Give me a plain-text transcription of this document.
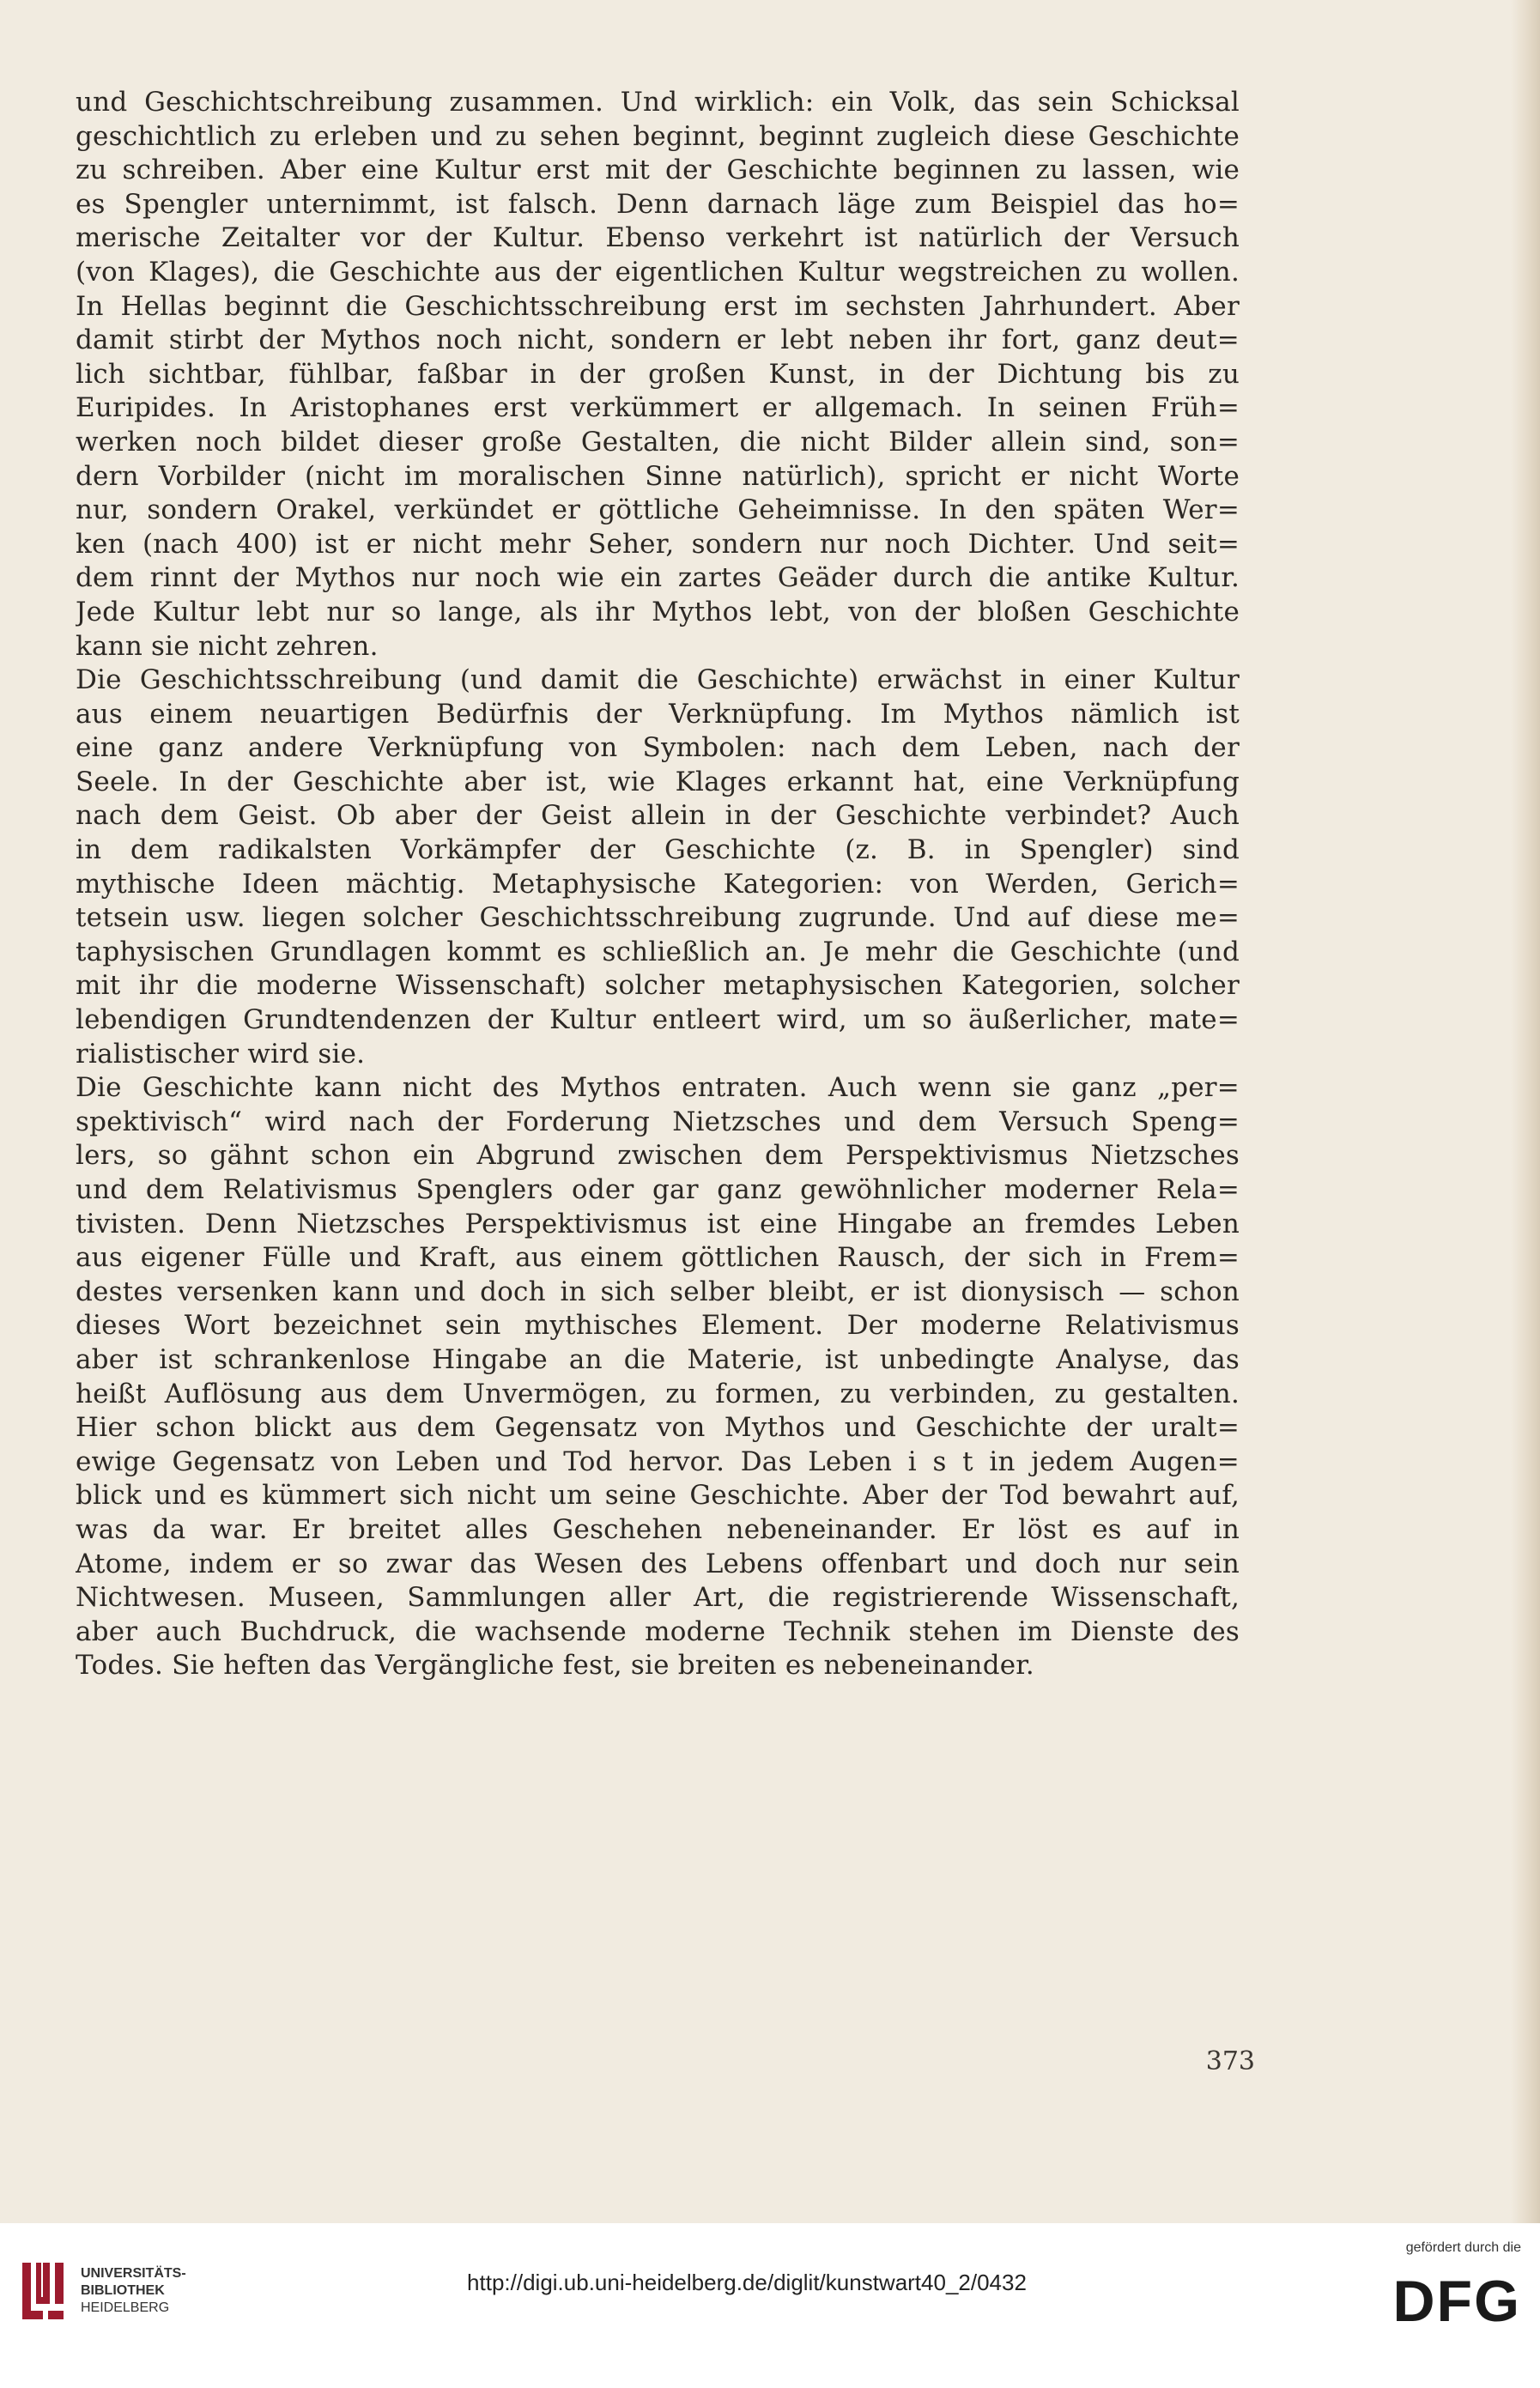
und Geschichtschreibung zusammen. Und wirklich: ein Volk, das sein Schicksal
geschichtlich zu erleben und zu sehen beginnt, beginnt zugleich diese Geschichte
zu schreiben. Aber eine Kultur erst mit der Geschichte beginnen zu lassen, wie
es Spengler unternimmt, ist falsch. Denn darnach läge zum Beispiel das ho=
merische Zeitalter vor der Kultur. Ebenso verkehrt ist natürlich der Versuch
(von Klages), die Geschichte aus der eigentlichen Kultur wegstreichen zu wollen.
In Hellas beginnt die Geschichtsschreibung erst im sechsten Jahrhundert. Aber
damit stirbt der Mythos noch nicht, sondern er lebt neben ihr fort, ganz deut=
lich sichtbar, fühlbar, faßbar in der großen Kunst, in der Dichtung bis zu
Euripides. In Aristophanes erst verkümmert er allgemach. In seinen Früh=
werken noch bildet dieser große Gestalten, die nicht Bilder allein sind, son=
dern Vorbilder (nicht im moralischen Sinne natürlich), spricht er nicht Worte
nur, sondern Orakel, verkündet er göttliche Geheimnisse. In den späten Wer=
ken (nach 400) ist er nicht mehr Seher, sondern nur noch Dichter. Und seit=
dem rinnt der Mythos nur noch wie ein zartes Geäder durch die antike Kultur.
Jede Kultur lebt nur so lange, als ihr Mythos lebt, von der bloßen Geschichte
kann sie nicht zehren.
Die Geschichtsschreibung (und damit die Geschichte) erwächst in einer Kultur
aus einem neuartigen Bedürfnis der Verknüpfung. Im Mythos nämlich ist
eine ganz andere Verknüpfung von Symbolen: nach dem Leben, nach der
Seele. In der Geschichte aber ist, wie Klages erkannt hat, eine Verknüpfung
nach dem Geist. Ob aber der Geist allein in der Geschichte verbindet? Auch
in dem radikalsten Vorkämpfer der Geschichte (z. B. in Spengler) sind
mythische Ideen mächtig. Metaphysische Kategorien: von Werden, Gerich=
tetsein usw. liegen solcher Geschichtsschreibung zugrunde. Und auf diese me=
taphysischen Grundlagen kommt es schließlich an. Je mehr die Geschichte (und
mit ihr die moderne Wissenschaft) solcher metaphysischen Kategorien, solcher
lebendigen Grundtendenzen der Kultur entleert wird, um so äußerlicher, mate=
rialistischer wird sie.
Die Geschichte kann nicht des Mythos entraten. Auch wenn sie ganz „per=
spektivisch“ wird nach der Forderung Nietzsches und dem Versuch Speng=
lers, so gähnt schon ein Abgrund zwischen dem Perspektivismus Nietzsches
und dem Relativismus Spenglers oder gar ganz gewöhnlicher moderner Rela=
tivisten. Denn Nietzsches Perspektivismus ist eine Hingabe an fremdes Leben
aus eigener Fülle und Kraft, aus einem göttlichen Rausch, der sich in Frem=
destes versenken kann und doch in sich selber bleibt, er ist dionysisch — schon
dieses Wort bezeichnet sein mythisches Element. Der moderne Relativismus
aber ist schrankenlose Hingabe an die Materie, ist unbedingte Analyse, das
heißt Auflösung aus dem Unvermögen, zu formen, zu verbinden, zu gestalten.
Hier schon blickt aus dem Gegensatz von Mythos und Geschichte der uralt=
ewige Gegensatz von Leben und Tod hervor. Das Leben i s t in jedem Augen=
blick und es kümmert sich nicht um seine Geschichte. Aber der Tod bewahrt auf,
was da war. Er breitet alles Geschehen nebeneinander. Er löst es auf in
Atome, indem er so zwar das Wesen des Lebens offenbart und doch nur sein
Nichtwesen. Museen, Sammlungen aller Art, die registrierende Wissenschaft,
aber auch Buchdruck, die wachsende moderne Technik stehen im Dienste des
Todes. Sie heften das Vergängliche fest, sie breiten es nebeneinander.
373
UNIVERSITÄTS-
BIBLIOTHEK
HEIDELBERG
http://digi.ub.uni-heidelberg.de/diglit/kunstwart40_2/0432
gefördert durch die
DFG
